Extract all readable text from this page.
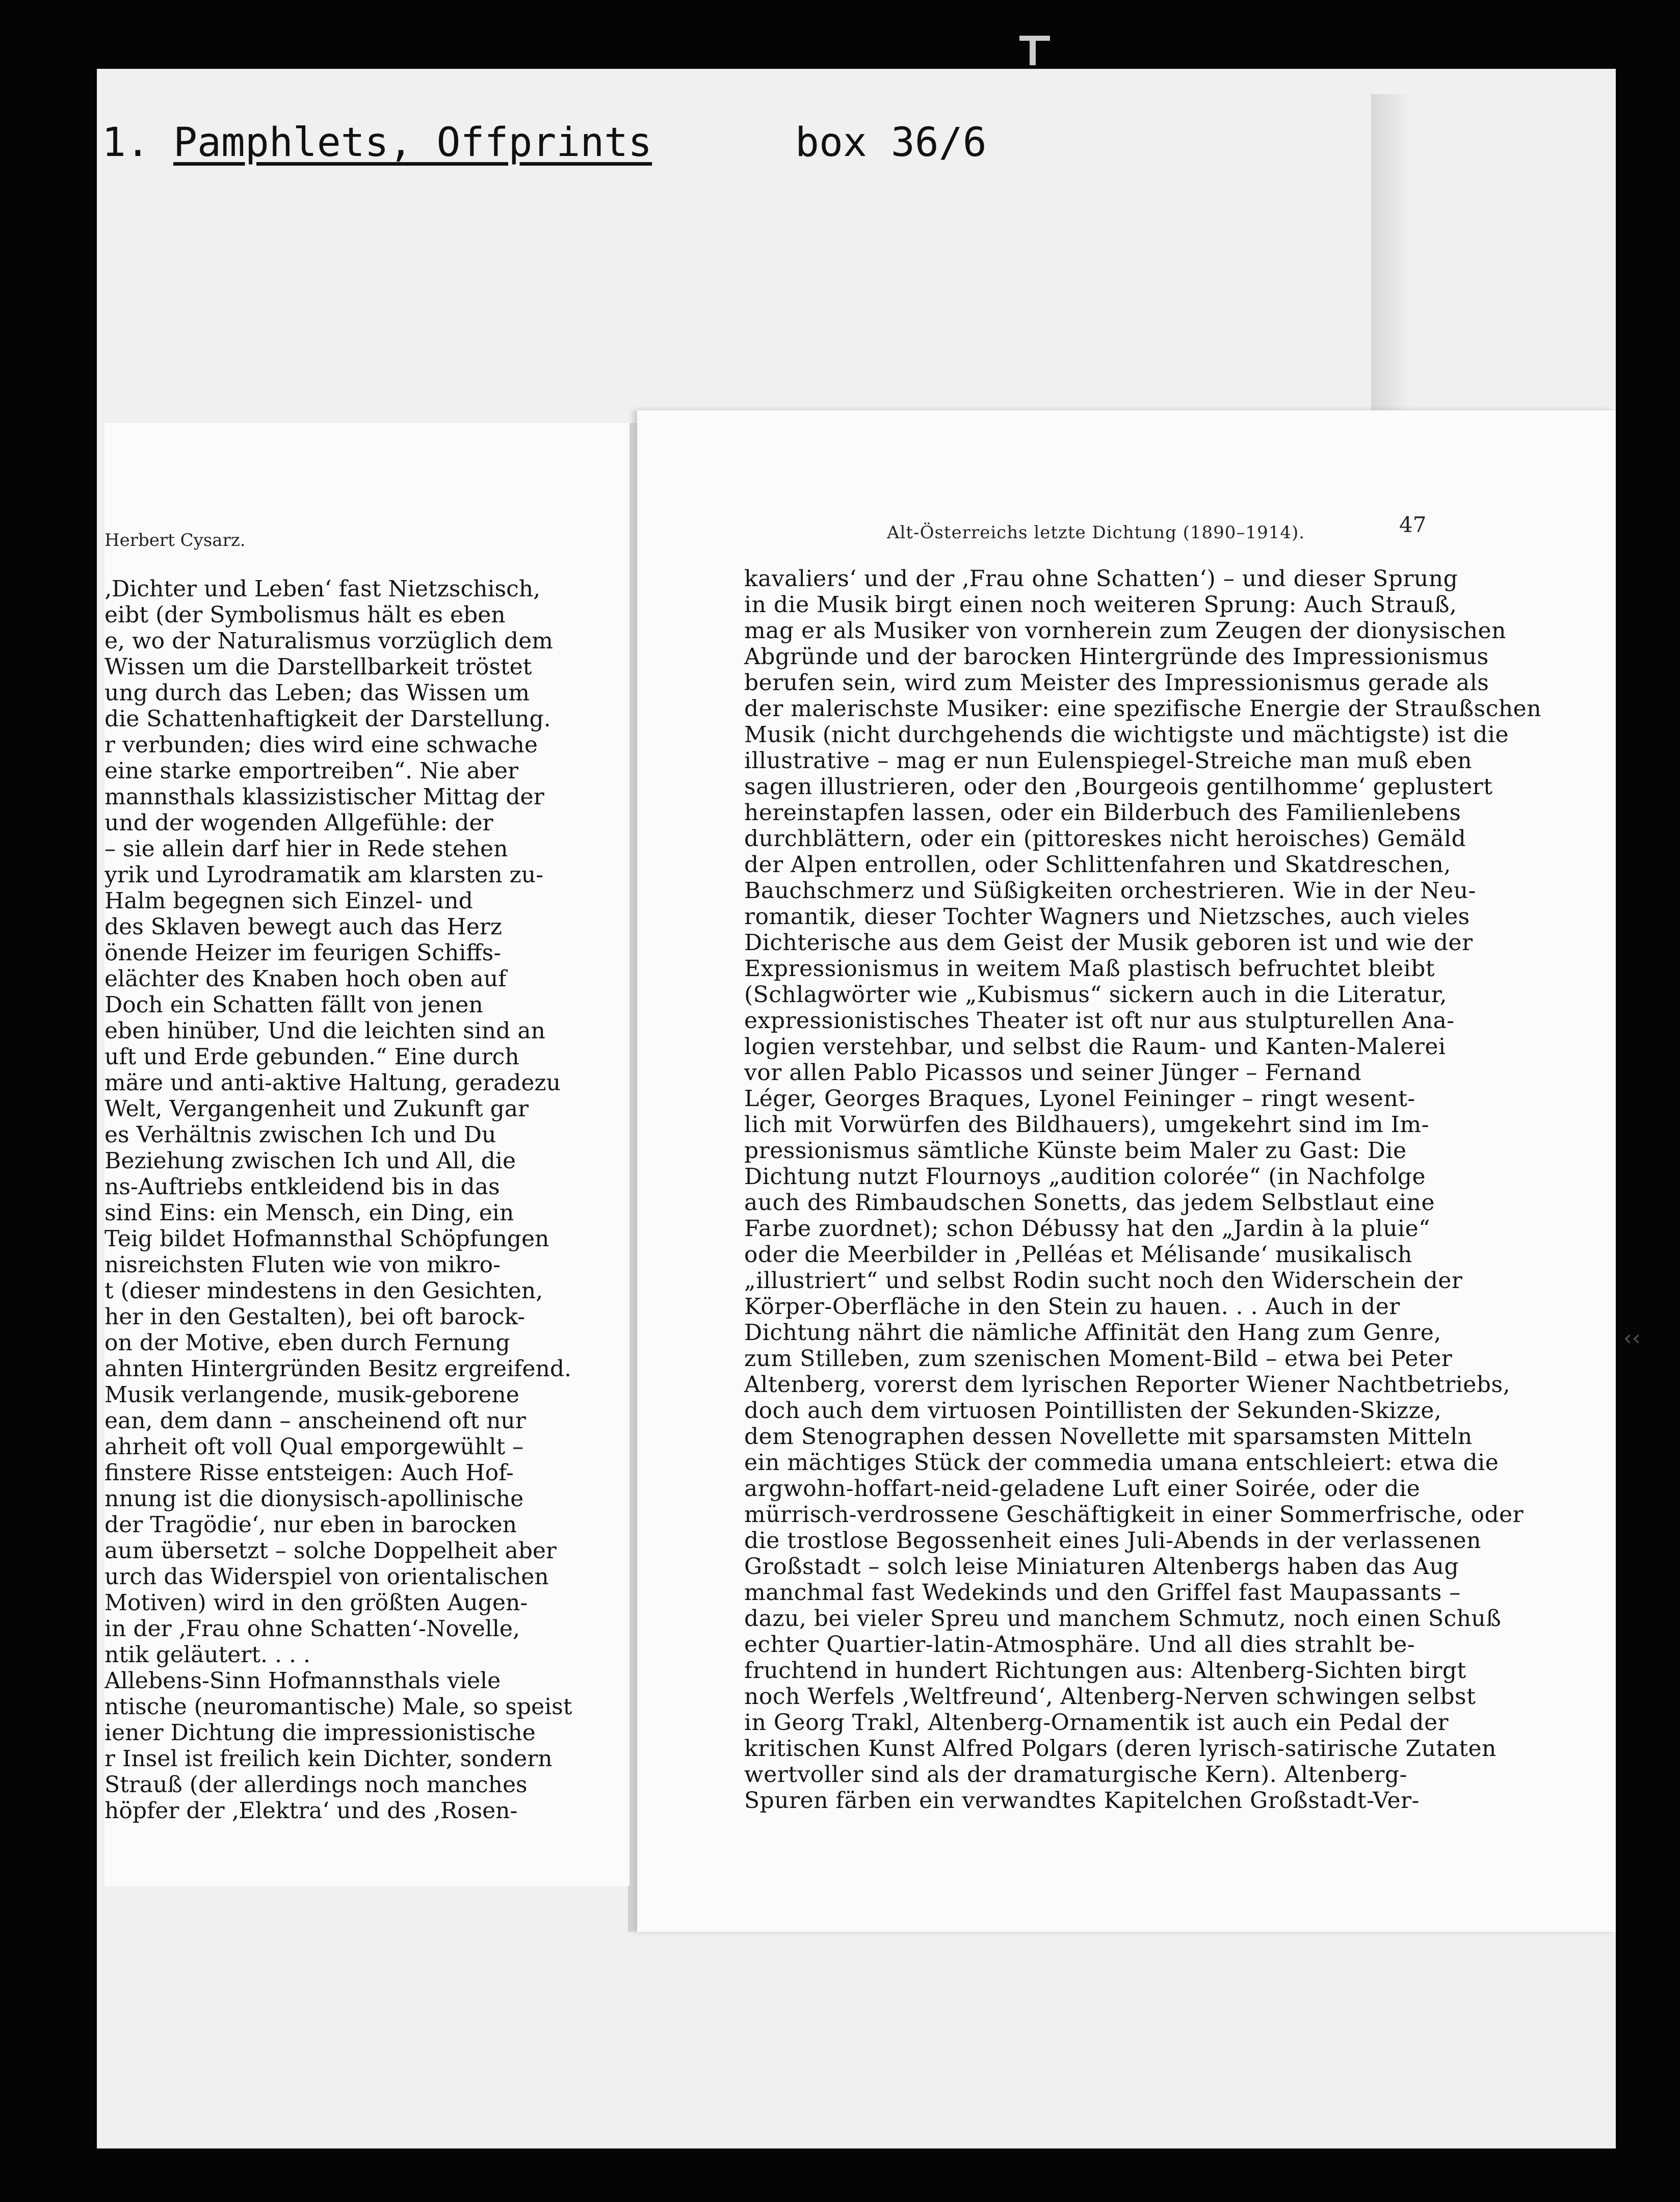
1. Pamphlets, Offprints	box 36/6
Herbert Cysarz.
‚Dichter und Leben‘ fast Nietzschisch,
eibt (der Symbolismus hält es eben
e, wo der Naturalismus vorzüglich dem
Wissen um die Darstellbarkeit tröstet
ung durch das Leben; das Wissen um
die Schattenhaftigkeit der Darstellung.
r verbunden; dies wird eine schwache
eine starke emportreiben“. Nie aber
mannsthals klassizistischer Mittag der
und der wogenden Allgefühle: der
– sie allein darf hier in Rede stehen
yrik und Lyrodramatik am klarsten zu-
Halm begegnen sich Einzel- und
des Sklaven bewegt auch das Herz
önende Heizer im feurigen Schiffs-
elächter des Knaben hoch oben auf
Doch ein Schatten fällt von jenen
eben hinüber, Und die leichten sind an
uft und Erde gebunden.“ Eine durch
märe und anti-aktive Haltung, geradezu
Welt, Vergangenheit und Zukunft gar
es Verhältnis zwischen Ich und Du
Beziehung zwischen Ich und All, die
ns-Auftriebs entkleidend bis in das
sind Eins: ein Mensch, ein Ding, ein
Teig bildet Hofmannsthal Schöpfungen
nisreichsten Fluten wie von mikro-
t (dieser mindestens in den Gesichten,
her in den Gestalten), bei oft barock-
on der Motive, eben durch Fernung
ahnten Hintergründen Besitz ergreifend.
Musik verlangende, musik-geborene
ean, dem dann – anscheinend oft nur
ahrheit oft voll Qual emporgewühlt –
finstere Risse entsteigen: Auch Hof-
nnung ist die dionysisch-apollinische
der Tragödie‘, nur eben in barocken
aum übersetzt – solche Doppelheit aber
urch das Widerspiel von orientalischen
Motiven) wird in den größten Augen-
in der ‚Frau ohne Schatten‘-Novelle,
ntik geläutert. . . .
Allebens-Sinn Hofmannsthals viele
ntische (neuromantische) Male, so speist
iener Dichtung die impressionistische
r Insel ist freilich kein Dichter, sondern
Strauß (der allerdings noch manches
höpfer der ‚Elektra‘ und des ‚Rosen-
Alt-Österreichs letzte Dichtung (1890–1914).	47
kavaliers‘ und der ‚Frau ohne Schatten‘) – und dieser Sprung
in die Musik birgt einen noch weiteren Sprung: Auch Strauß,
mag er als Musiker von vornherein zum Zeugen der dionysischen
Abgründe und der barocken Hintergründe des Impressionismus
berufen sein, wird zum Meister des Impressionismus gerade als
der malerischste Musiker: eine spezifische Energie der Straußschen
Musik (nicht durchgehends die wichtigste und mächtigste) ist die
illustrative – mag er nun Eulenspiegel-Streiche man muß eben
sagen illustrieren, oder den ‚Bourgeois gentilhomme‘ geplustert
hereinstapfen lassen, oder ein Bilderbuch des Familienlebens
durchblättern, oder ein (pittoreskes nicht heroisches) Gemäld
der Alpen entrollen, oder Schlittenfahren und Skatdreschen,
Bauchschmerz und Süßigkeiten orchestrieren. Wie in der Neu-
romantik, dieser Tochter Wagners und Nietzsches, auch vieles
Dichterische aus dem Geist der Musik geboren ist und wie der
Expressionismus in weitem Maß plastisch befruchtet bleibt
(Schlagwörter wie „Kubismus“ sickern auch in die Literatur,
expressionistisches Theater ist oft nur aus stulpturellen Ana-
logien verstehbar, und selbst die Raum- und Kanten-Malerei
vor allen Pablo Picassos und seiner Jünger – Fernand
Léger, Georges Braques, Lyonel Feininger – ringt wesent-
lich mit Vorwürfen des Bildhauers), umgekehrt sind im Im-
pressionismus sämtliche Künste beim Maler zu Gast: Die
Dichtung nutzt Flournoys „audition colorée“ (in Nachfolge
auch des Rimbaudschen Sonetts, das jedem Selbstlaut eine
Farbe zuordnet); schon Débussy hat den „Jardin à la pluie“
oder die Meerbilder in ‚Pelléas et Mélisande‘ musikalisch
„illustriert“ und selbst Rodin sucht noch den Widerschein der
Körper-Oberfläche in den Stein zu hauen. . . Auch in der
Dichtung nährt die nämliche Affinität den Hang zum Genre,
zum Stilleben, zum szenischen Moment-Bild – etwa bei Peter
Altenberg, vorerst dem lyrischen Reporter Wiener Nachtbetriebs,
doch auch dem virtuosen Pointillisten der Sekunden-Skizze,
dem Stenographen dessen Novellette mit sparsamsten Mitteln
ein mächtiges Stück der commedia umana entschleiert: etwa die
argwohn-hoffart-neid-geladene Luft einer Soirée, oder die
mürrisch-verdrossene Geschäftigkeit in einer Sommerfrische, oder
die trostlose Begossenheit eines Juli-Abends in der verlassenen
Großstadt – solch leise Miniaturen Altenbergs haben das Aug
manchmal fast Wedekinds und den Griffel fast Maupassants –
dazu, bei vieler Spreu und manchem Schmutz, noch einen Schuß
echter Quartier-latin-Atmosphäre. Und all dies strahlt be-
fruchtend in hundert Richtungen aus: Altenberg-Sichten birgt
noch Werfels ‚Weltfreund‘, Altenberg-Nerven schwingen selbst
in Georg Trakl, Altenberg-Ornamentik ist auch ein Pedal der
kritischen Kunst Alfred Polgars (deren lyrisch-satirische Zutaten
wertvoller sind als der dramaturgische Kern). Altenberg-
Spuren färben ein verwandtes Kapitelchen Großstadt-Ver-
‹‹
